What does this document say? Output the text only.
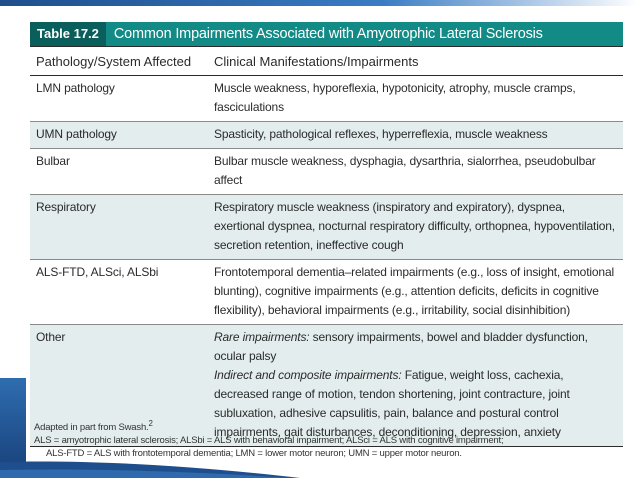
Table 17.2	Common Impairments Associated with Amyotrophic Lateral Sclerosis
Pathology/System Affected	Clinical Manifestations/Impairments
LMN pathology	Muscle weakness, hyporeflexia, hypotonicity, atrophy, muscle cramps, fasciculations
UMN pathology	Spasticity, pathological reflexes, hyperreflexia, muscle weakness
Bulbar	Bulbar muscle weakness, dysphagia, dysarthria, sialorrhea, pseudobulbar affect
Respiratory	Respiratory muscle weakness (inspiratory and expiratory), dyspnea, exertional dyspnea, nocturnal respiratory difficulty, orthopnea, hypoventilation, secretion retention, ineffective cough
ALS-FTD, ALSci, ALSbi	Frontotemporal dementia–related impairments (e.g., loss of insight, emotional blunting), cognitive impairments (e.g., attention deficits, deficits in cognitive flexibility), behavioral impairments (e.g., irritability, social disinhibition)
Other	Rare impairments: sensory impairments, bowel and bladder dysfunction, ocular palsy
Indirect and composite impairments: Fatigue, weight loss, cachexia, decreased range of motion, tendon shortening, joint contracture, joint subluxation, adhesive capsulitis, pain, balance and postural control impairments, gait disturbances, deconditioning, depression, anxiety
Adapted in part from Swash.$^2$
ALS = amyotrophic lateral sclerosis; ALSbi = ALS with behavioral impairment; ALSci = ALS with cognitive impairment;
ALS-FTD = ALS with frontotemporal dementia; LMN = lower motor neuron; UMN = upper motor neuron.
